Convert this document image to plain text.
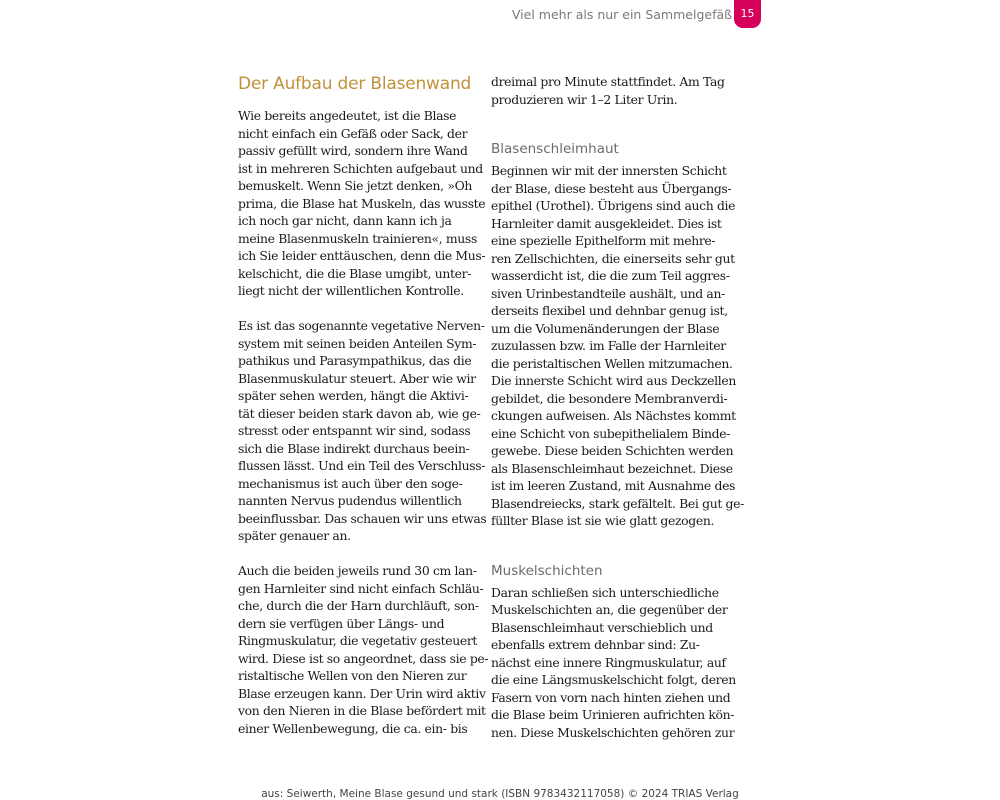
Viel mehr als nur ein Sammelgefäß 15
Der Aufbau der Blasenwand
Wie bereits angedeutet, ist die Blase
nicht einfach ein Gefäß oder Sack, der
passiv gefüllt wird, sondern ihre Wand
ist in mehreren Schichten aufgebaut und
bemuskelt. Wenn Sie jetzt denken, »Oh
prima, die Blase hat Muskeln, das wusste
ich noch gar nicht, dann kann ich ja
meine Blasenmuskeln trainieren«, muss
ich Sie leider enttäuschen, denn die Mus-
kelschicht, die die Blase umgibt, unter-
liegt nicht der willentlichen Kontrolle.
Es ist das sogenannte vegetative Nerven-
system mit seinen beiden Anteilen Sym-
pathikus und Parasympathikus, das die
Blasenmuskulatur steuert. Aber wie wir
später sehen werden, hängt die Aktivi-
tät dieser beiden stark davon ab, wie ge-
stresst oder entspannt wir sind, sodass
sich die Blase indirekt durchaus beein-
flussen lässt. Und ein Teil des Verschluss-
mechanismus ist auch über den soge-
nannten Nervus pudendus willentlich
beeinflussbar. Das schauen wir uns etwas
später genauer an.
Auch die beiden jeweils rund 30 cm lan-
gen Harnleiter sind nicht einfach Schläu-
che, durch die der Harn durchläuft, son-
dern sie verfügen über Längs- und
Ringmuskulatur, die vegetativ gesteuert
wird. Diese ist so angeordnet, dass sie pe-
ristaltische Wellen von den Nieren zur
Blase erzeugen kann. Der Urin wird aktiv
von den Nieren in die Blase befördert mit
einer Wellenbewegung, die ca. ein- bis
dreimal pro Minute stattfindet. Am Tag
produzieren wir 1–2 Liter Urin.
Blasenschleimhaut
Beginnen wir mit der innersten Schicht
der Blase, diese besteht aus Übergangs-
epithel (Urothel). Übrigens sind auch die
Harnleiter damit ausgekleidet. Dies ist
eine spezielle Epithelform mit mehre-
ren Zellschichten, die einerseits sehr gut
wasserdicht ist, die die zum Teil aggres-
siven Urinbestandteile aushält, und an-
derseits flexibel und dehnbar genug ist,
um die Volumenänderungen der Blase
zuzulassen bzw. im Falle der Harnleiter
die peristaltischen Wellen mitzumachen.
Die innerste Schicht wird aus Deckzellen
gebildet, die besondere Membranverdi-
ckungen aufweisen. Als Nächstes kommt
eine Schicht von subepithelialem Binde-
gewebe. Diese beiden Schichten werden
als Blasenschleimhaut bezeichnet. Diese
ist im leeren Zustand, mit Ausnahme des
Blasendreiecks, stark gefältelt. Bei gut ge-
füllter Blase ist sie wie glatt gezogen.
Muskelschichten
Daran schließen sich unterschiedliche
Muskelschichten an, die gegenüber der
Blasenschleimhaut verschieblich und
ebenfalls extrem dehnbar sind: Zu-
nächst eine innere Ringmuskulatur, auf
die eine Längsmuskelschicht folgt, deren
Fasern von vorn nach hinten ziehen und
die Blase beim Urinieren aufrichten kön-
nen. Diese Muskelschichten gehören zur
aus: Seiwerth, Meine Blase gesund und stark (ISBN 9783432117058) © 2024 TRIAS Verlag
